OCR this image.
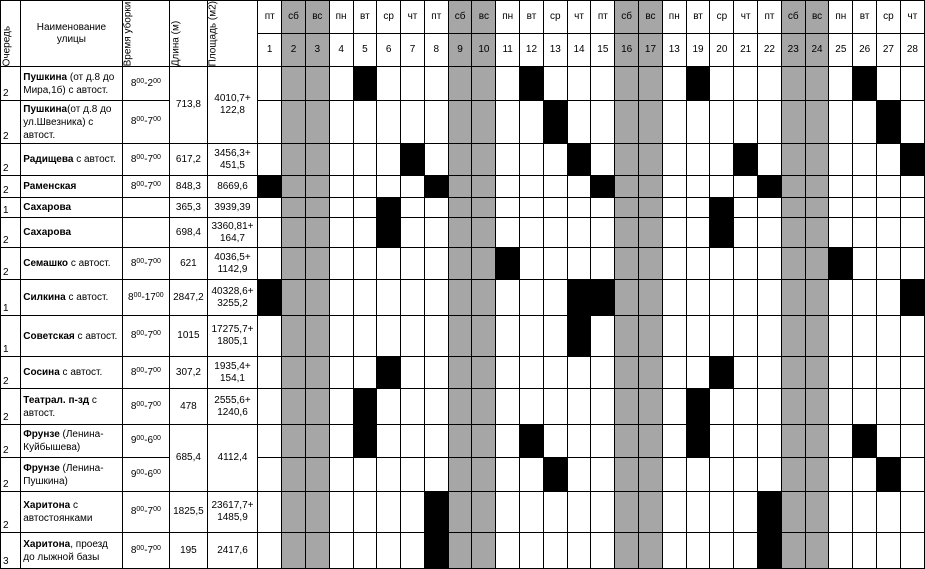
Очередь	Наименование улицы	Время уборки	Длина (м)	Площадь (м2)	пт	сб	вс	пн	вт	ср	чт	пт	сб	вс	пн	вт	ср	чт	пт	сб	вс	пн	вт	ср	чт	пт	сб	вс	пн	вт	ср	чт
					1	2	3	4	5	6	7	8	9	10	11	12	13	14	15	16	17	13	19	20	21	22	23	24	25	26	27	28
2	Пушкина (от д.8 до Мира,1б) с автост.	$8^{00}-2^{00}$	713,8	4010,7+
122,8																												
2	Пушкина(от д.8 до ул.Швезника) с автост.	$8^{00}-7^{00}$																												
2	Радищева с автост.	$8^{00}-7^{00}$	617,2	3456,3+
451,5																												
2	Раменская	$8^{00}-7^{00}$	848,3	8669,6																												
1	Сахарова		365,3	3939,39																												
2	Сахарова		698,4	3360,81+
164,7																												
2	Семашко с автост.	$8^{00}-7^{00}$	621	4036,5+
1142,9																												
1	Силкина с автост.	$8^{00}-17^{00}$	2847,2	40328,6+
3255,2																												
1	Советская с автост.	$8^{00}-7^{00}$	1015	17275,7+
1805,1																												
2	Сосина с автост.	$8^{00}-7^{00}$	307,2	1935,4+
154,1																												
2	Театрал. п-зд с автост.	$8^{00}-7^{00}$	478	2555,6+
1240,6																												
2	Фрунзе (Ленина-Куйбышева)	$9^{00}-6^{00}$	685,4	4112,4																												
2	Фрунзе (Ленина-Пушкина)	$9^{00}-6^{00}$																												
2	Харитона с автостоянками	$8^{00}-7^{00}$	1825,5	23617,7+
1485,9																												
3	Харитона, проезд до лыжной базы	$8^{00}-7^{00}$	195	2417,6																												
